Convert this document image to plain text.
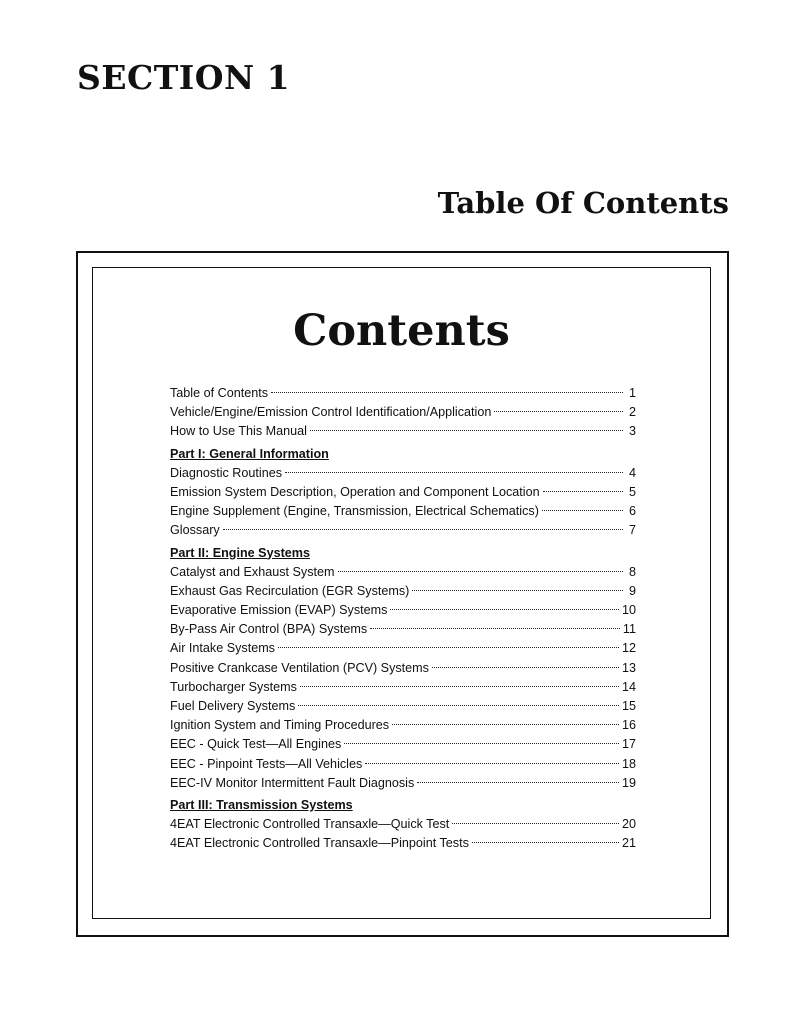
SECTION 1
Table Of Contents
Contents
Table of Contents	1
Vehicle/Engine/Emission Control Identification/Application	2
How to Use This Manual	3
Part I: General Information
Diagnostic Routines	4
Emission System Description, Operation and Component Location	5
Engine Supplement (Engine, Transmission, Electrical Schematics)	6
Glossary	7
Part II: Engine Systems
Catalyst and Exhaust System	8
Exhaust Gas Recirculation (EGR Systems)	9
Evaporative Emission (EVAP) Systems	10
By-Pass Air Control (BPA) Systems	11
Air Intake Systems	12
Positive Crankcase Ventilation (PCV) Systems	13
Turbocharger Systems	14
Fuel Delivery Systems	15
Ignition System and Timing Procedures	16
EEC - Quick Test—All Engines	17
EEC - Pinpoint Tests—All Vehicles	18
EEC-IV Monitor Intermittent Fault Diagnosis	19
Part III: Transmission Systems
4EAT Electronic Controlled Transaxle—Quick Test	20
4EAT Electronic Controlled Transaxle—Pinpoint Tests	21
